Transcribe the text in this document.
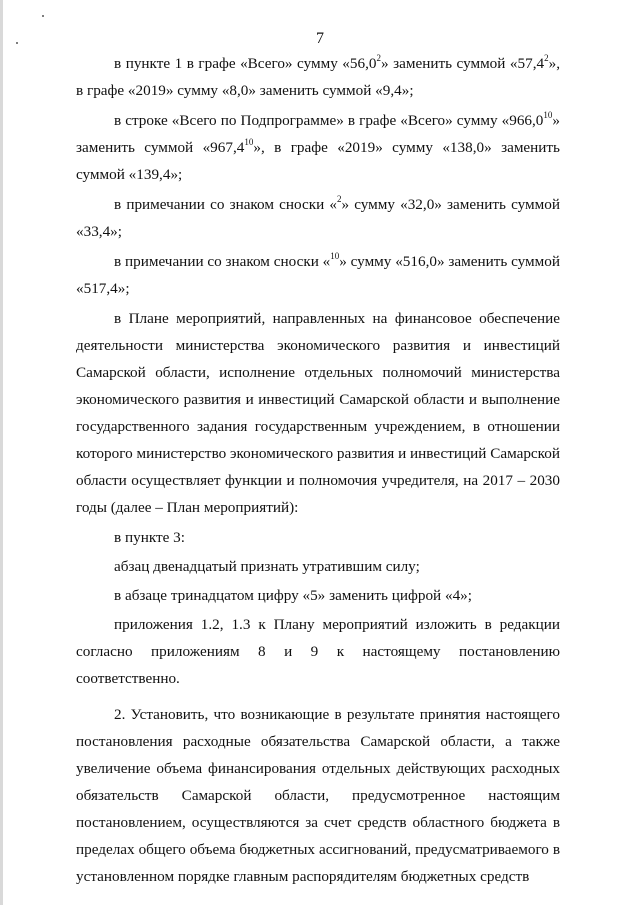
7

в пункте 1 в графе «Всего» сумму «56,0$^2$» заменить суммой «57,4$^2$», в графе «2019» сумму «8,0» заменить суммой «9,4»;

в строке «Всего по Подпрограмме» в графе «Всего» сумму «966,0$^{10}$» заменить суммой «967,4$^{10}$», в графе «2019» сумму «138,0» заменить суммой «139,4»;

в примечании со знаком сноски «$^2$» сумму «32,0» заменить суммой «33,4»;

в примечании со знаком сноски «$^{10}$» сумму «516,0» заменить суммой «517,4»;

в Плане мероприятий, направленных на финансовое обеспечение деятельности министерства экономического развития и инвестиций Самарской области, исполнение отдельных полномочий министерства экономического развития и инвестиций Самарской области и выполнение государственного задания государственным учреждением, в отношении которого министерство экономического развития и инвестиций Самарской области осуществляет функции и полномочия учредителя, на 2017 – 2030 годы (далее – План мероприятий):

в пункте 3:

абзац двенадцатый признать утратившим силу;

в абзаце тринадцатом цифру «5» заменить цифрой «4»;

приложения 1.2, 1.3 к Плану мероприятий изложить в редакции согласно приложениям 8 и 9 к настоящему постановлению соответственно.

2. Установить, что возникающие в результате принятия настоящего постановления расходные обязательства Самарской области, а также увеличение объема финансирования отдельных действующих расходных обязательств Самарской области, предусмотренное настоящим постановлением, осуществляются за счет средств областного бюджета в пределах общего объема бюджетных ассигнований, предусматриваемого в установленном порядке главным распорядителям бюджетных средств
